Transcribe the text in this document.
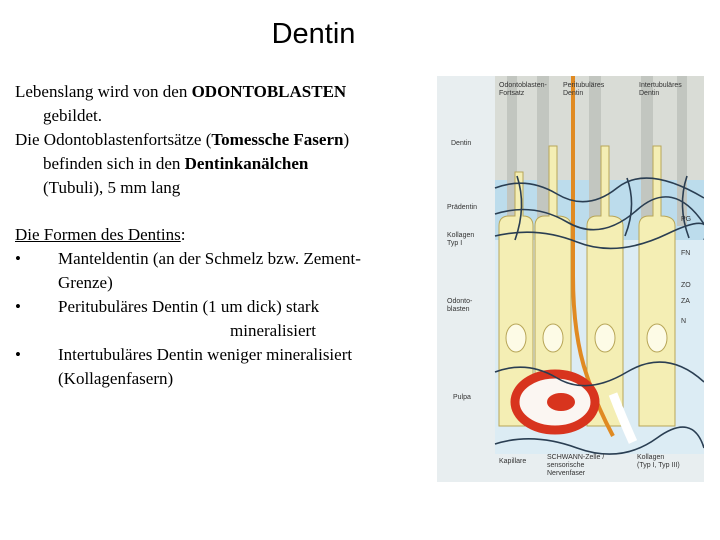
Dentin

Lebenslang wird von den ODONTOBLASTEN
gebildet.

Die Odontoblastenfortsätze (Tomessche Fasern)
befinden sich in den Dentinkanälchen
(Tubuli), 5 mm lang

Die Formen des Dentins:

•	Manteldentin (an der Schmelz bzw. Zement-
Grenze)
•	Peritubuläres Dentin (1 um dick) stark
mineralisiert
•	Intertubuläres Dentin weniger mineralisiert
(Kollagenfasern)
Odontoblasten-
Fortsatz
Peritubuläres
Dentin
Intertubuläres
Dentin
Dentin
Prädentin
Kollagen
Typ I
Odonto-
blasten
Pulpa
PG
FN
ZO
ZA
N
Kapillare
SCHWANN-Zelle /
sensorische
Nervenfaser
Kollagen
(Typ I, Typ III)
